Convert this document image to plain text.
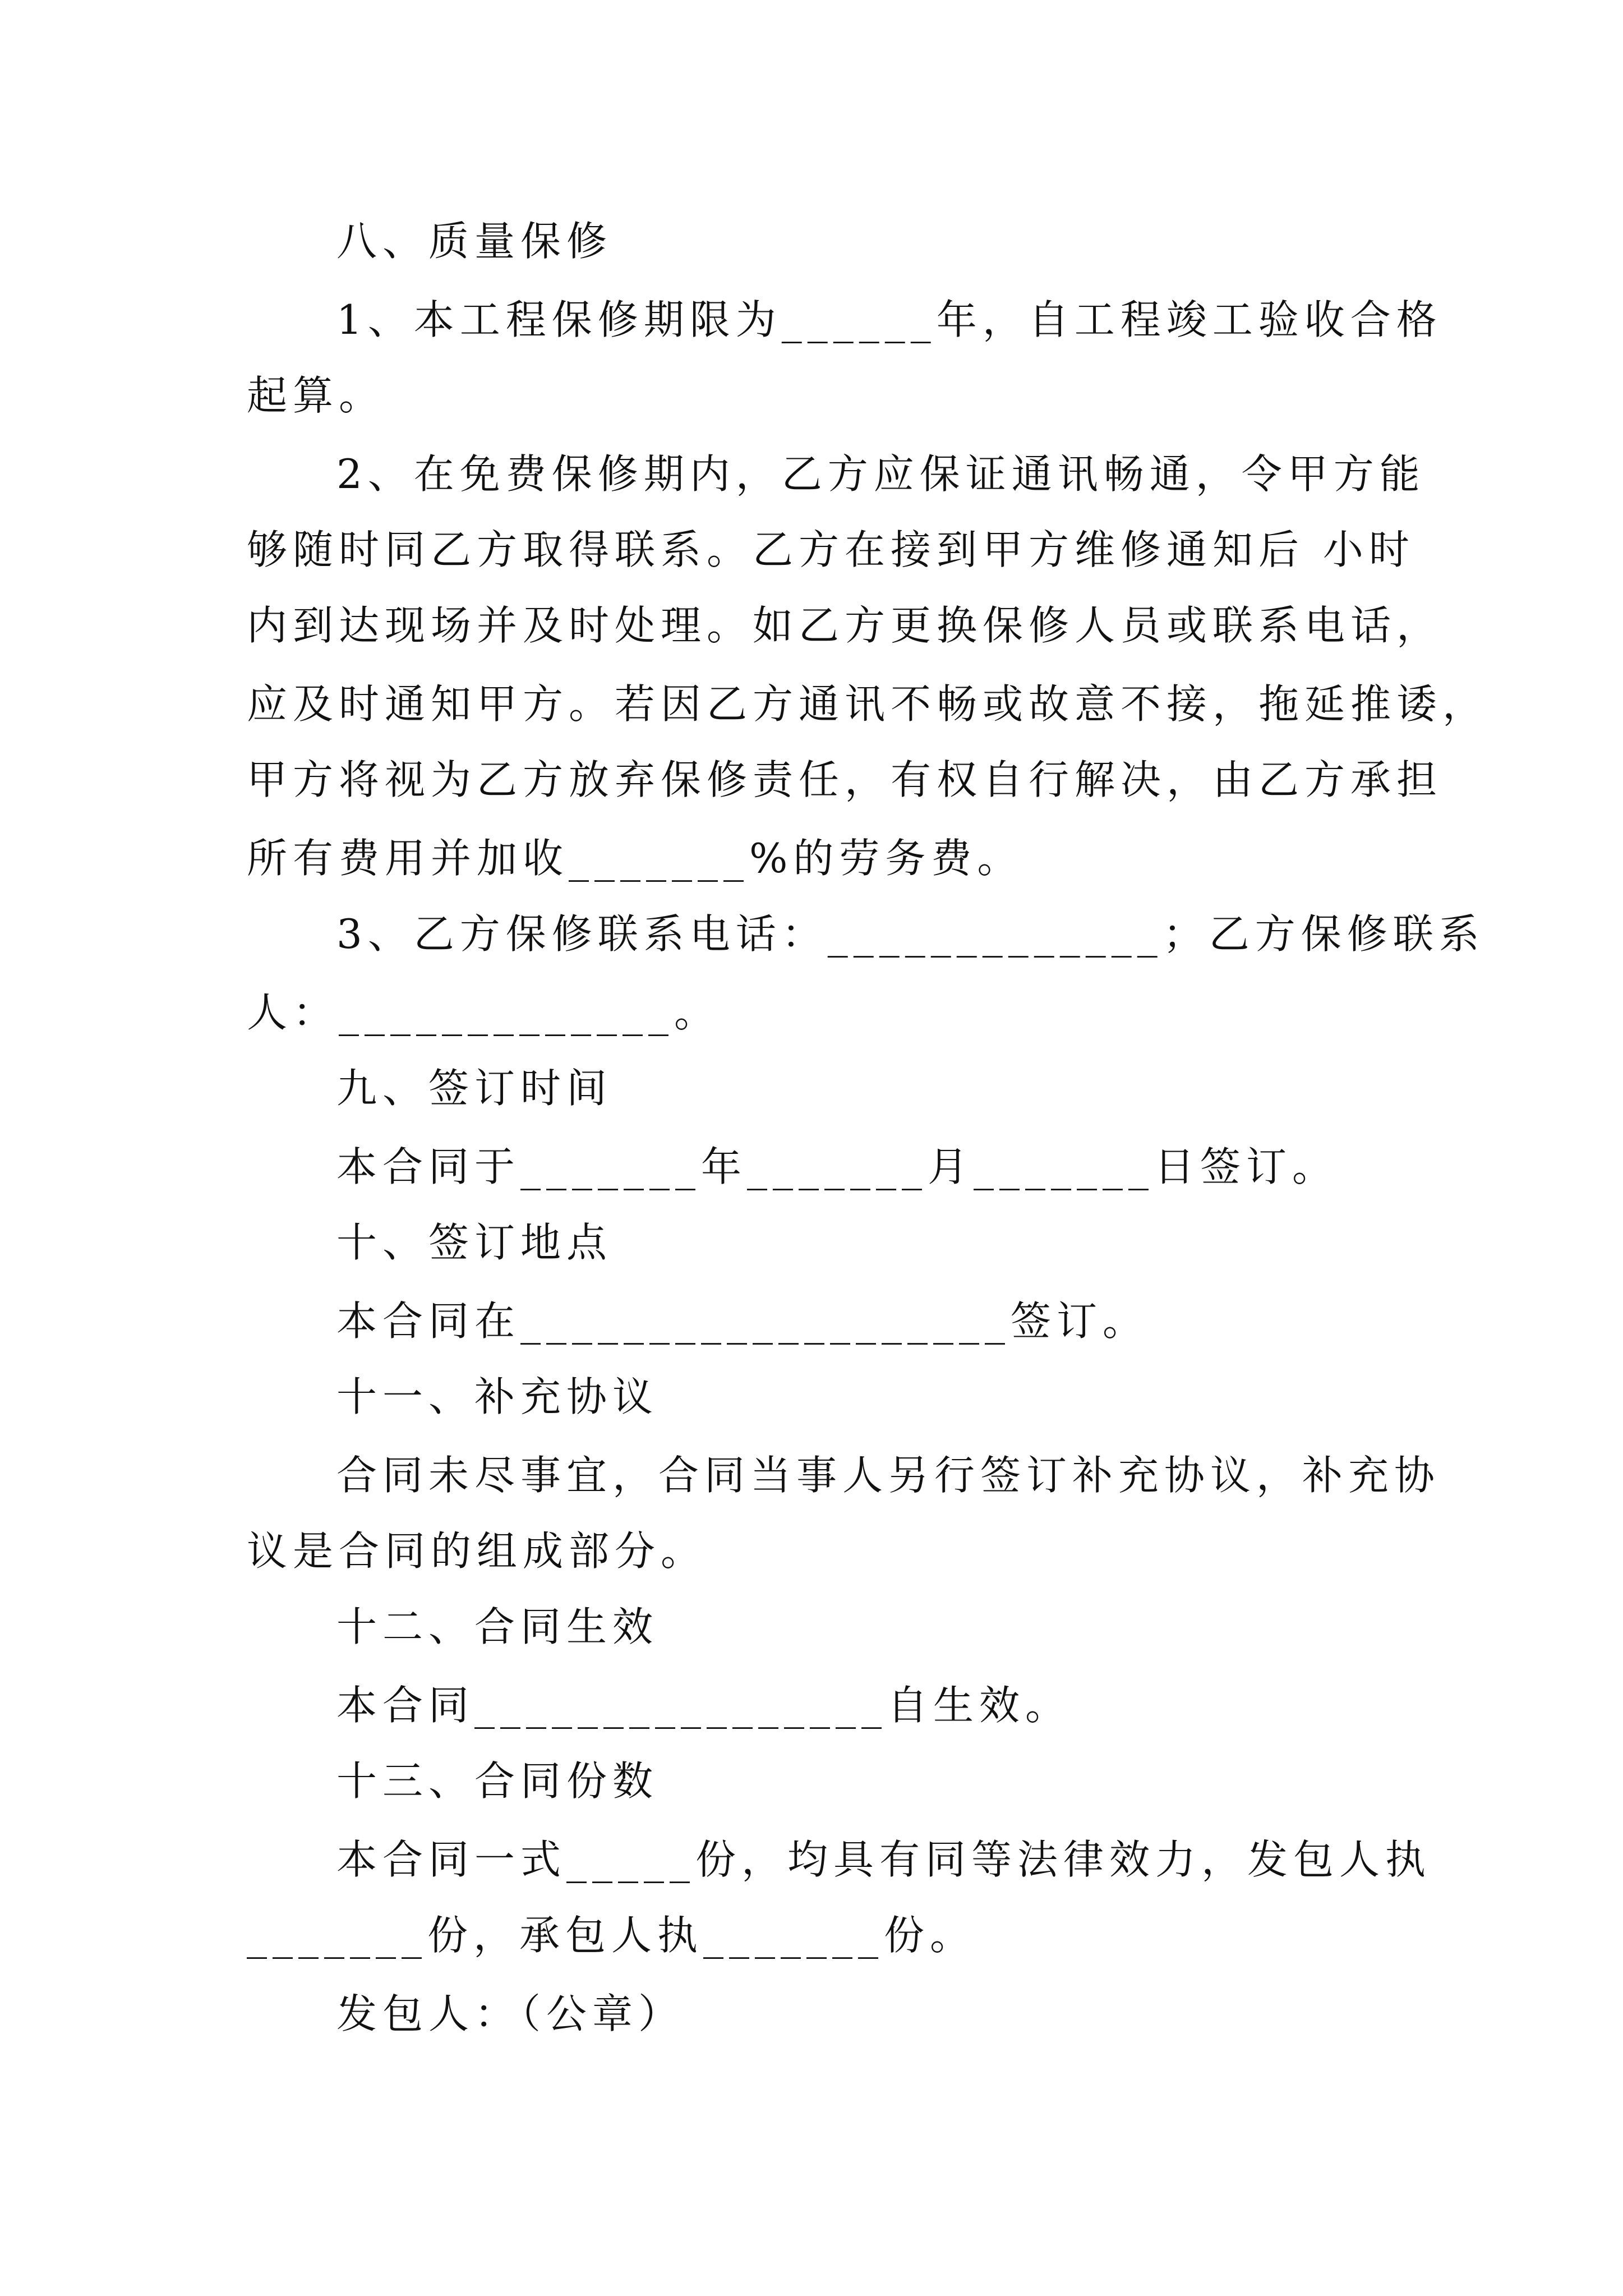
八、质量保修
1、本工程保修期限为______年，自工程竣工验收合格
起算。
2、在免费保修期内，乙方应保证通讯畅通，令甲方能
够随时同乙方取得联系。乙方在接到甲方维修通知后 小时
内到达现场并及时处理。如乙方更换保修人员或联系电话，
应及时通知甲方。若因乙方通讯不畅或故意不接，拖延推诿，
甲方将视为乙方放弃保修责任，有权自行解决，由乙方承担
所有费用并加收_______%的劳务费。
3、乙方保修联系电话：_____________；乙方保修联系
人：_____________。
九、签订时间
本合同于_______年_______月_______日签订。
十、签订地点
本合同在___________________签订。
十一、补充协议
合同未尽事宜，合同当事人另行签订补充协议，补充协
议是合同的组成部分。
十二、合同生效
本合同________________自生效。
十三、合同份数
本合同一式_____份，均具有同等法律效力，发包人执
_______份，承包人执_______份。
发包人：（公章）
